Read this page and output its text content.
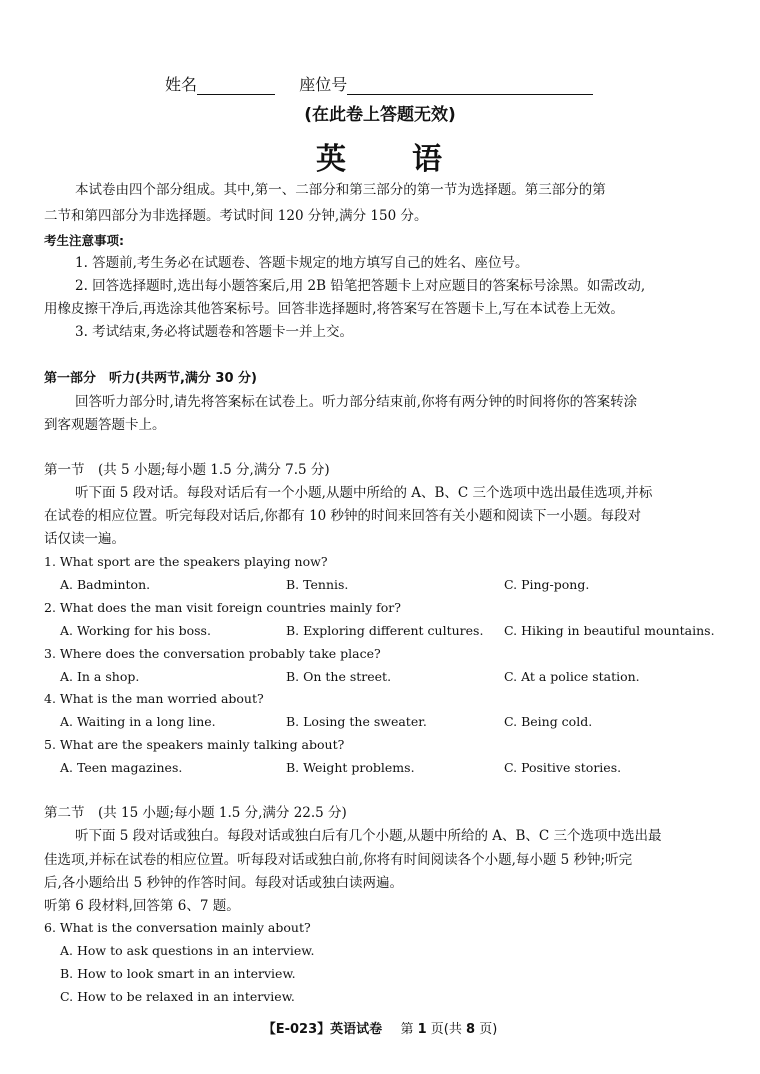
姓名	座位号
(在此卷上答题无效)
英　　语
本试卷由四个部分组成。其中,第一、二部分和第三部分的第一节为选择题。第三部分的第
二节和第四部分为非选择题。考试时间 120 分钟,满分 150 分。
考生注意事项:
1. 答题前,考生务必在试题卷、答题卡规定的地方填写自己的姓名、座位号。
2. 回答选择题时,选出每小题答案后,用 2B 铅笔把答题卡上对应题目的答案标号涂黑。如需改动,
用橡皮擦干净后,再选涂其他答案标号。回答非选择题时,将答案写在答题卡上,写在本试卷上无效。
3. 考试结束,务必将试题卷和答题卡一并上交。
第一部分　听力(共两节,满分 30 分)
回答听力部分时,请先将答案标在试卷上。听力部分结束前,你将有两分钟的时间将你的答案转涂
到客观题答题卡上。
第一节　(共 5 小题;每小题 1.5 分,满分 7.5 分)
听下面 5 段对话。每段对话后有一个小题,从题中所给的 A、B、C 三个选项中选出最佳选项,并标
在试卷的相应位置。听完每段对话后,你都有 10 秒钟的时间来回答有关小题和阅读下一小题。每段对
话仅读一遍。
1. What sport are the speakers playing now?
A. Badminton.	B. Tennis.	C. Ping-pong.
2. What does the man visit foreign countries mainly for?
A. Working for his boss.	B. Exploring different cultures. C. Hiking in beautiful mountains.
3. Where does the conversation probably take place?
A. In a shop.	B. On the street.	C. At a police station.
4. What is the man worried about?
A. Waiting in a long line.	B. Losing the sweater.	C. Being cold.
5. What are the speakers mainly talking about?
A. Teen magazines.	B. Weight problems.	C. Positive stories.
第二节　(共 15 小题;每小题 1.5 分,满分 22.5 分)
听下面 5 段对话或独白。每段对话或独白后有几个小题,从题中所给的 A、B、C 三个选项中选出最
佳选项,并标在试卷的相应位置。听每段对话或独白前,你将有时间阅读各个小题,每小题 5 秒钟;听完
后,各小题给出 5 秒钟的作答时间。每段对话或独白读两遍。
听第 6 段材料,回答第 6、7 题。
6. What is the conversation mainly about?
A. How to ask questions in an interview.
B. How to look smart in an interview.
C. How to be relaxed in an interview.
【E-023】英语试卷 第 1 页(共 8 页)
